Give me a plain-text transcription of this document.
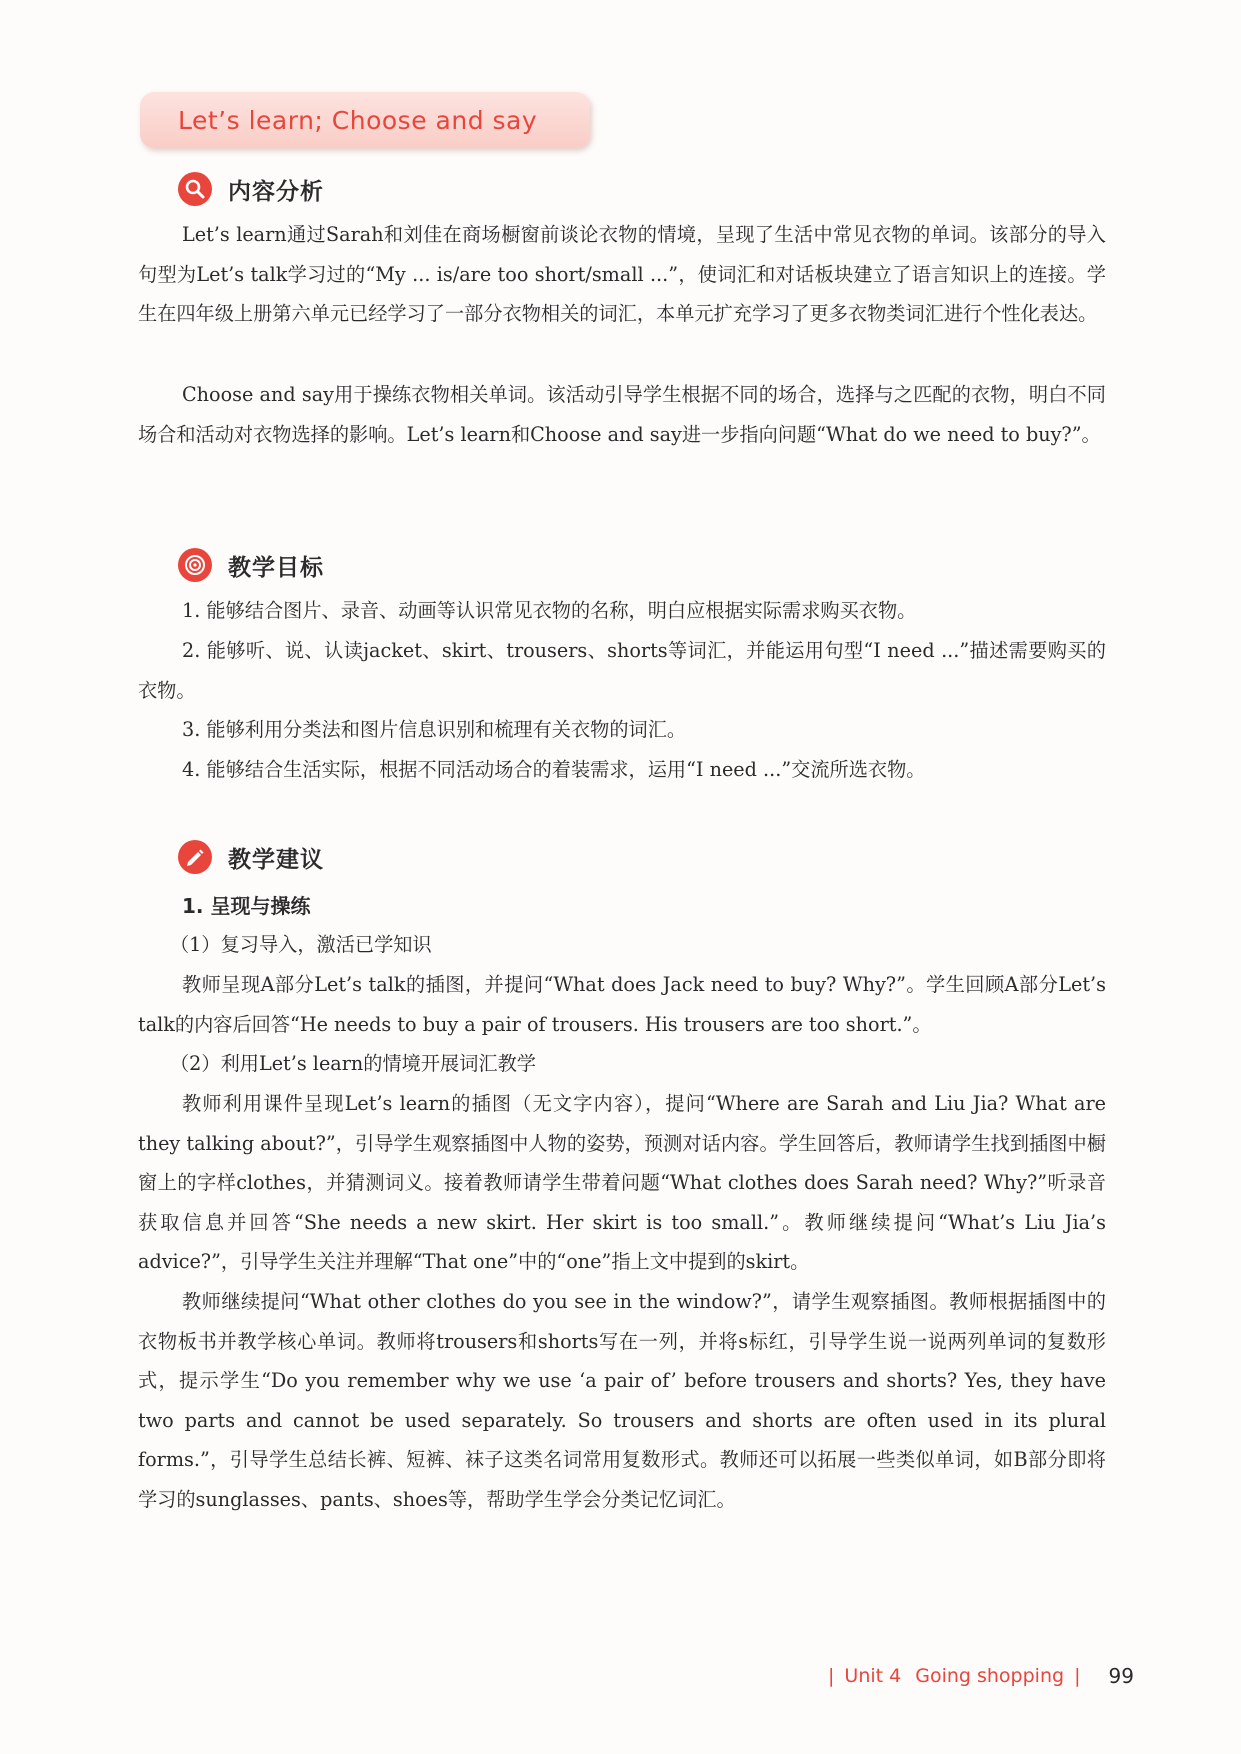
Let’s learn; Choose and say
内容分析

Let’s learn通过Sarah和刘佳在商场橱窗前谈论衣物的情境，呈现了生活中常见衣物的单词。该部分的导入句型为Let’s talk学习过的“My ... is/are too short/small ...”，使词汇和对话板块建立了语言知识上的连接。学生在四年级上册第六单元已经学习了一部分衣物相关的词汇，本单元扩充学习了更多衣物类词汇进行个性化表达。

Choose and say用于操练衣物相关单词。该活动引导学生根据不同的场合，选择与之匹配的衣物，明白不同场合和活动对衣物选择的影响。Let’s learn和Choose and say进一步指向问题“What do we need to buy?”。

教学目标

1. 能够结合图片、录音、动画等认识常见衣物的名称，明白应根据实际需求购买衣物。

2. 能够听、说、认读jacket、skirt、trousers、shorts等词汇，并能运用句型“I need ...”描述需要购买的衣物。

3. 能够利用分类法和图片信息识别和梳理有关衣物的词汇。

4. 能够结合生活实际，根据不同活动场合的着装需求，运用“I need ...”交流所选衣物。

教学建议
1. 呈现与操练

（1）复习导入，激活已学知识

教师呈现A部分Let’s talk的插图，并提问“What does Jack need to buy? Why?”。学生回顾A部分Let’s talk的内容后回答“He needs to buy a pair of trousers. His trousers are too short.”。

（2）利用Let’s learn的情境开展词汇教学

教师利用课件呈现Let’s learn的插图（无文字内容），提问“Where are Sarah and Liu Jia? What are they talking about?”，引导学生观察插图中人物的姿势，预测对话内容。学生回答后，教师请学生找到插图中橱窗上的字样clothes，并猜测词义。接着教师请学生带着问题“What clothes does Sarah need? Why?”听录音获取信息并回答“She needs a new skirt. Her skirt is too small.”。教师继续提问“What’s Liu Jia’s advice?”，引导学生关注并理解“That one”中的“one”指上文中提到的skirt。

教师继续提问“What other clothes do you see in the window?”，请学生观察插图。教师根据插图中的衣物板书并教学核心单词。教师将trousers和shorts写在一列，并将s标红，引导学生说一说两列单词的复数形式，提示学生“Do you remember why we use ‘a pair of’ before trousers and shorts? Yes, they have two parts and cannot be used separately. So trousers and shorts are often used in its plural forms.”，引导学生总结长裤、短裤、袜子这类名词常用复数形式。教师还可以拓展一些类似单词，如B部分即将学习的sunglasses、pants、shoes等，帮助学生学会分类记忆词汇。

| Unit 4 Going shopping | 99
